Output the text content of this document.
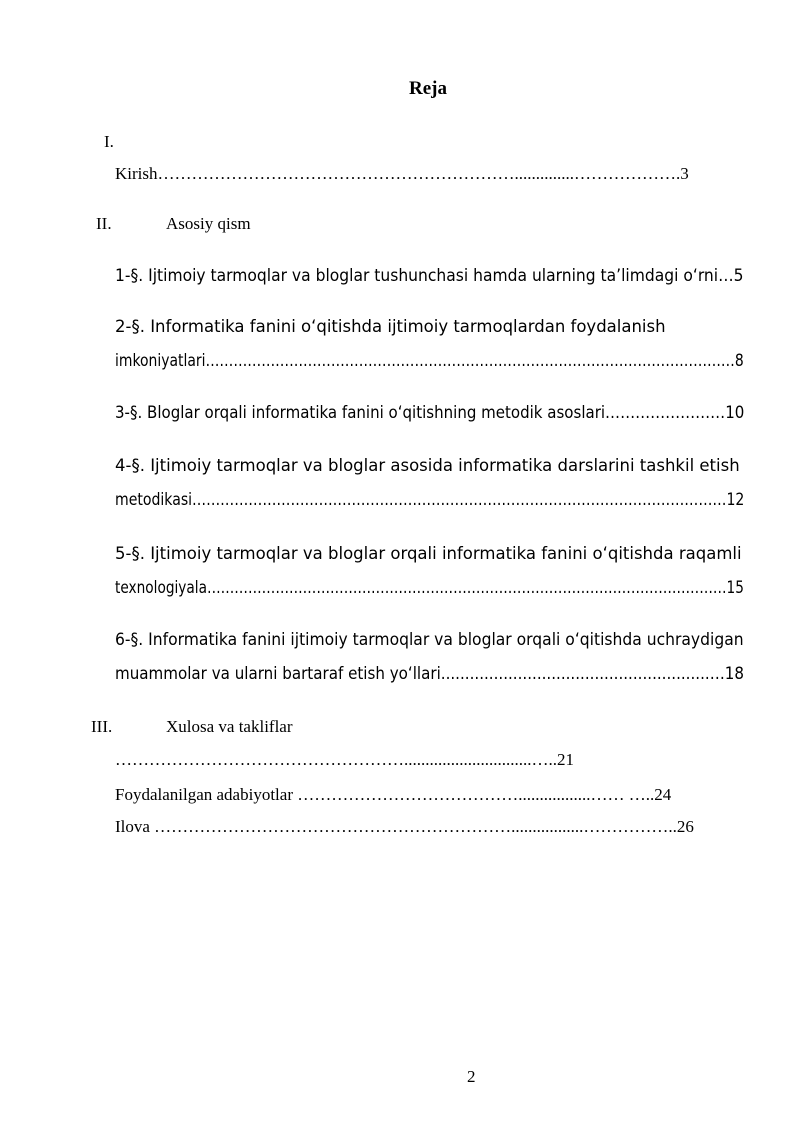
Reja
I.
Kirish………………………………………………………..............……………….3
II.	Asosiy qism
1-§. Ijtimoiy tarmoqlar va bloglar tushunchasi hamda ularning ta’limdagi oʻrni…5
2-§. Informatika fanini oʻqitishda ijtimoiy tarmoqlardan foydalanish
imkoniyatlari……………………………………………………………………………………………………8
3-§. Bloglar orqali informatika fanini oʻqitishning metodik asoslari……………………10
4-§. Ijtimoiy tarmoqlar va bloglar asosida informatika darslarini tashkil etish
metodikasi……………………………………………………………………………………………………12
5-§. Ijtimoiy tarmoqlar va bloglar orqali informatika fanini oʻqitishda raqamli
texnologiyala……………………………………………………………………………………………………15
6-§. Informatika fanini ijtimoiy tarmoqlar va bloglar orqali oʻqitishda uchraydigan
muammolar va ularni bartaraf etish yoʻllari........................................................…18
III.	Xulosa va takliflar
……………………………………………..............................…..21
Foydalanilgan adabiyotlar ………………………………….................…… …..24
Ilova ……………………………………………………….................……………..26
2
